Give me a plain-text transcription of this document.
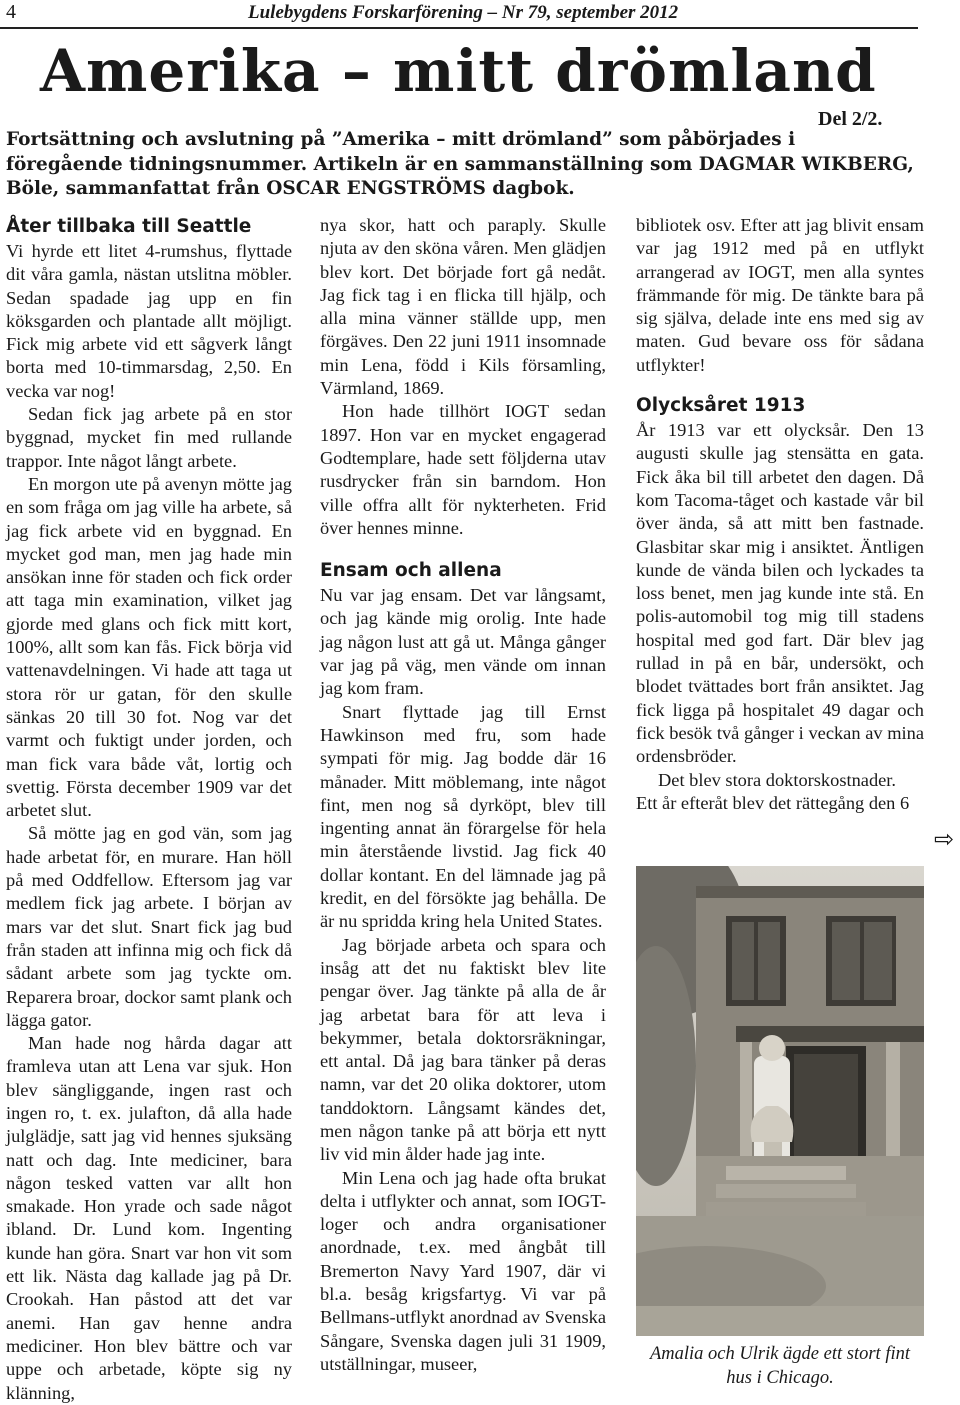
4	Lulebygdens Forskarförening – Nr 79, september 2012
Amerika – mitt drömland
Del 2/2.
Fortsättning och avslutning på ”Amerika – mitt drömland” som påbörjades i föregående tidningsnummer. Artikeln är en sammanställning som DAGMAR WIKBERG, Böle, sammanfattat från OSCAR ENGSTRÖMS dagbok.
Åter tillbaka till Seattle

Vi hyrde ett litet 4-rumshus, flyttade dit våra gamla, nästan utslitna möbler. Sedan spadade jag upp en fin köksgarden och plantade allt möjligt. Fick mig arbete vid ett sågverk långt borta med 10-timmarsdag, 2,50. En vecka var nog!

Sedan fick jag arbete på en stor byggnad, mycket fin med rullande trappor. Inte något långt arbete.

En morgon ute på avenyn mötte jag en som fråga om jag ville ha arbete, så jag fick arbete vid en byggnad. En mycket god man, men jag hade min ansökan inne för staden och fick order att taga min examination, vilket jag gjorde med glans och fick mitt kort, 100%, allt som kan fås. Fick börja vid vattenavdelningen. Vi hade att taga ut stora rör ur gatan, för den skulle sänkas 20 till 30 fot. Nog var det varmt och fuktigt under jorden, och man fick vara både våt, lortig och svettig. Första december 1909 var det arbetet slut.

Så mötte jag en god vän, som jag hade arbetat för, en murare. Han höll på med Oddfellow. Eftersom jag var medlem fick jag arbete. I början av mars var det slut. Snart fick jag bud från staden att infinna mig och fick då sådant arbete som jag tyckte om. Reparera broar, dockor samt plank och lägga gator.

Man hade nog hårda dagar att framleva utan att Lena var sjuk. Hon blev sängliggande, ingen rast och ingen ro, t. ex. julafton, då alla hade julglädje, satt jag vid hennes sjuksäng natt och dag. Inte mediciner, bara någon tesked vatten var allt hon smakade. Hon yrade och sade något ibland. Dr. Lund kom. Ingenting kunde han göra. Snart var hon vit som ett lik. Nästa dag kallade jag på Dr. Crookah. Han påstod att det var anemi. Han gav henne andra mediciner. Hon blev bättre och var uppe och arbetade, köpte sig ny klänning,

nya skor, hatt och paraply. Skulle njuta av den sköna våren. Men glädjen blev kort. Det började fort gå nedåt. Jag fick tag i en flicka till hjälp, och alla mina vänner ställde upp, men förgäves. Den 22 juni 1911 insomnade min Lena, född i Kils församling, Värmland, 1869.

Hon hade tillhört IOGT sedan 1897. Hon var en mycket engagerad Godtemplare, hade sett följderna utav rusdrycker från sin barndom. Hon ville offra allt för nykterheten. Frid över hennes minne.

Ensam och allena

Nu var jag ensam. Det var långsamt, och jag kände mig orolig. Inte hade jag någon lust att gå ut. Många gånger var jag på väg, men vände om innan jag kom fram.

Snart flyttade jag till Ernst Hawkinson med fru, som hade sympati för mig. Jag bodde där 16 månader. Mitt möblemang, inte något fint, men nog så dyrköpt, blev till ingenting annat än förargelse för hela min återstående livstid. Jag fick 40 dollar kontant. En del lämnade jag på kredit, en del försökte jag behålla. De är nu spridda kring hela United States.

Jag började arbeta och spara och insåg att det nu faktiskt blev lite pengar över. Jag tänkte på alla de år jag arbetat bara för att leva i bekymmer, betala doktorsräkningar, ett antal. Då jag bara tänker på deras namn, var det 20 olika doktorer, utom tanddoktorn. Långsamt kändes det, men någon tanke på att börja ett nytt liv vid min ålder hade jag inte.

Min Lena och jag hade ofta brukat delta i utflykter och annat, som IOGT-loger och andra organisationer anordnade, t.ex. med ångbåt till Bremerton Navy Yard 1907, där vi bl.a. besåg krigsfartyg. Vi var på Bellmans-utflykt anordnad av Svenska Sångare, Svenska dagen juli 31 1909, utställningar, museer,

bibliotek osv. Efter att jag blivit ensam var jag 1912 med på en utflykt arrangerad av IOGT, men alla syntes främmande för mig. De tänkte bara på sig själva, delade inte ens med sig av maten. Gud bevare oss för sådana utflykter!

Olycksåret 1913

År 1913 var ett olycksår. Den 13 augusti skulle jag stensätta en gata. Fick åka bil till arbetet den dagen. Då kom Tacoma-tåget och kastade vår bil över ända, så att mitt ben fastnade. Glasbitar skar mig i ansiktet. Äntligen kunde de vända bilen och lyckades ta loss benet, men jag kunde inte stå. En polis-automobil tog mig till stadens hospital med god fart. Där blev jag rullad in på en bår, undersökt, och blodet tvättades bort från ansiktet. Jag fick ligga på hospitalet 49 dagar och fick besök två gånger i veckan av mina ordensbröder.

Det blev stora doktorskostnader.

Ett år efteråt blev det rättegång den 6

⇨
Amalia och Ulrik ägde ett stort fint hus i Chicago.
